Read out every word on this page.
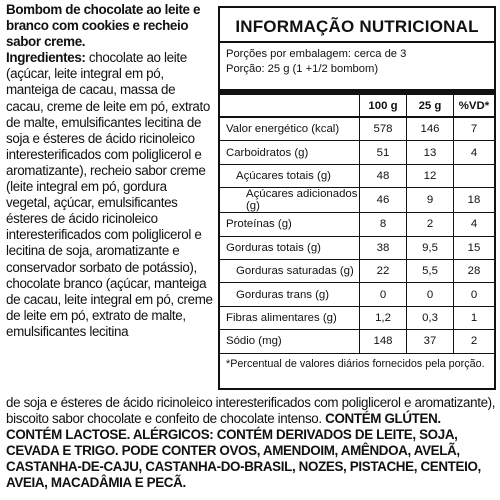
Bombom de chocolate ao leite e branco com cookies e recheio sabor creme.
Ingredientes: chocolate ao leite (açúcar, leite integral em pó, manteiga de cacau, massa de cacau, creme de leite em pó, extrato de malte, emulsificantes lecitina de soja e ésteres de ácido ricinoleico interesterificados com poliglicerol e aromatizante), recheio sabor creme (leite integral em pó, gordura vegetal, açúcar, emulsificantes ésteres de ácido ricinoleico interesterificados com poliglicerol e lecitina de soja, aromatizante e conservador sorbato de potássio), chocolate branco (açúcar, manteiga de cacau, leite integral em pó, creme de leite em pó, extrato de malte, emulsificantes lecitina
INFORMAÇÃO NUTRICIONAL
Porções por embalagem: cerca de 3
Porção: 25 g (1 +1/2 bombom)
	100 g	25 g	%VD*
Valor energético (kcal)	578	146	7
Carboidratos (g)	51	13	4
Açúcares totais (g)	48	12	
Açúcares adicionados (g)	46	9	18
Proteínas (g)	8	2	4
Gorduras totais (g)	38	9,5	15
Gorduras saturadas (g)	22	5,5	28
Gorduras trans (g)	0	0	0
Fibras alimentares (g)	1,2	0,3	1
Sódio (mg)	148	37	2
*Percentual de valores diários fornecidos pela porção.
de soja e ésteres de ácido ricinoleico interesterificados com poliglicerol e aromatizante), biscoito sabor chocolate e confeito de chocolate intenso. CONTÉM GLÚTEN. CONTÉM LACTOSE. ALÉRGICOS: CONTÉM DERIVADOS DE LEITE, SOJA, CEVADA E TRIGO. PODE CONTER OVOS, AMENDOIM, AMÊNDOA, AVELÃ, CASTANHA-DE-CAJU, CASTANHA-DO-BRASIL, NOZES, PISTACHE, CENTEIO, AVEIA, MACADÂMIA E PECÃ.
